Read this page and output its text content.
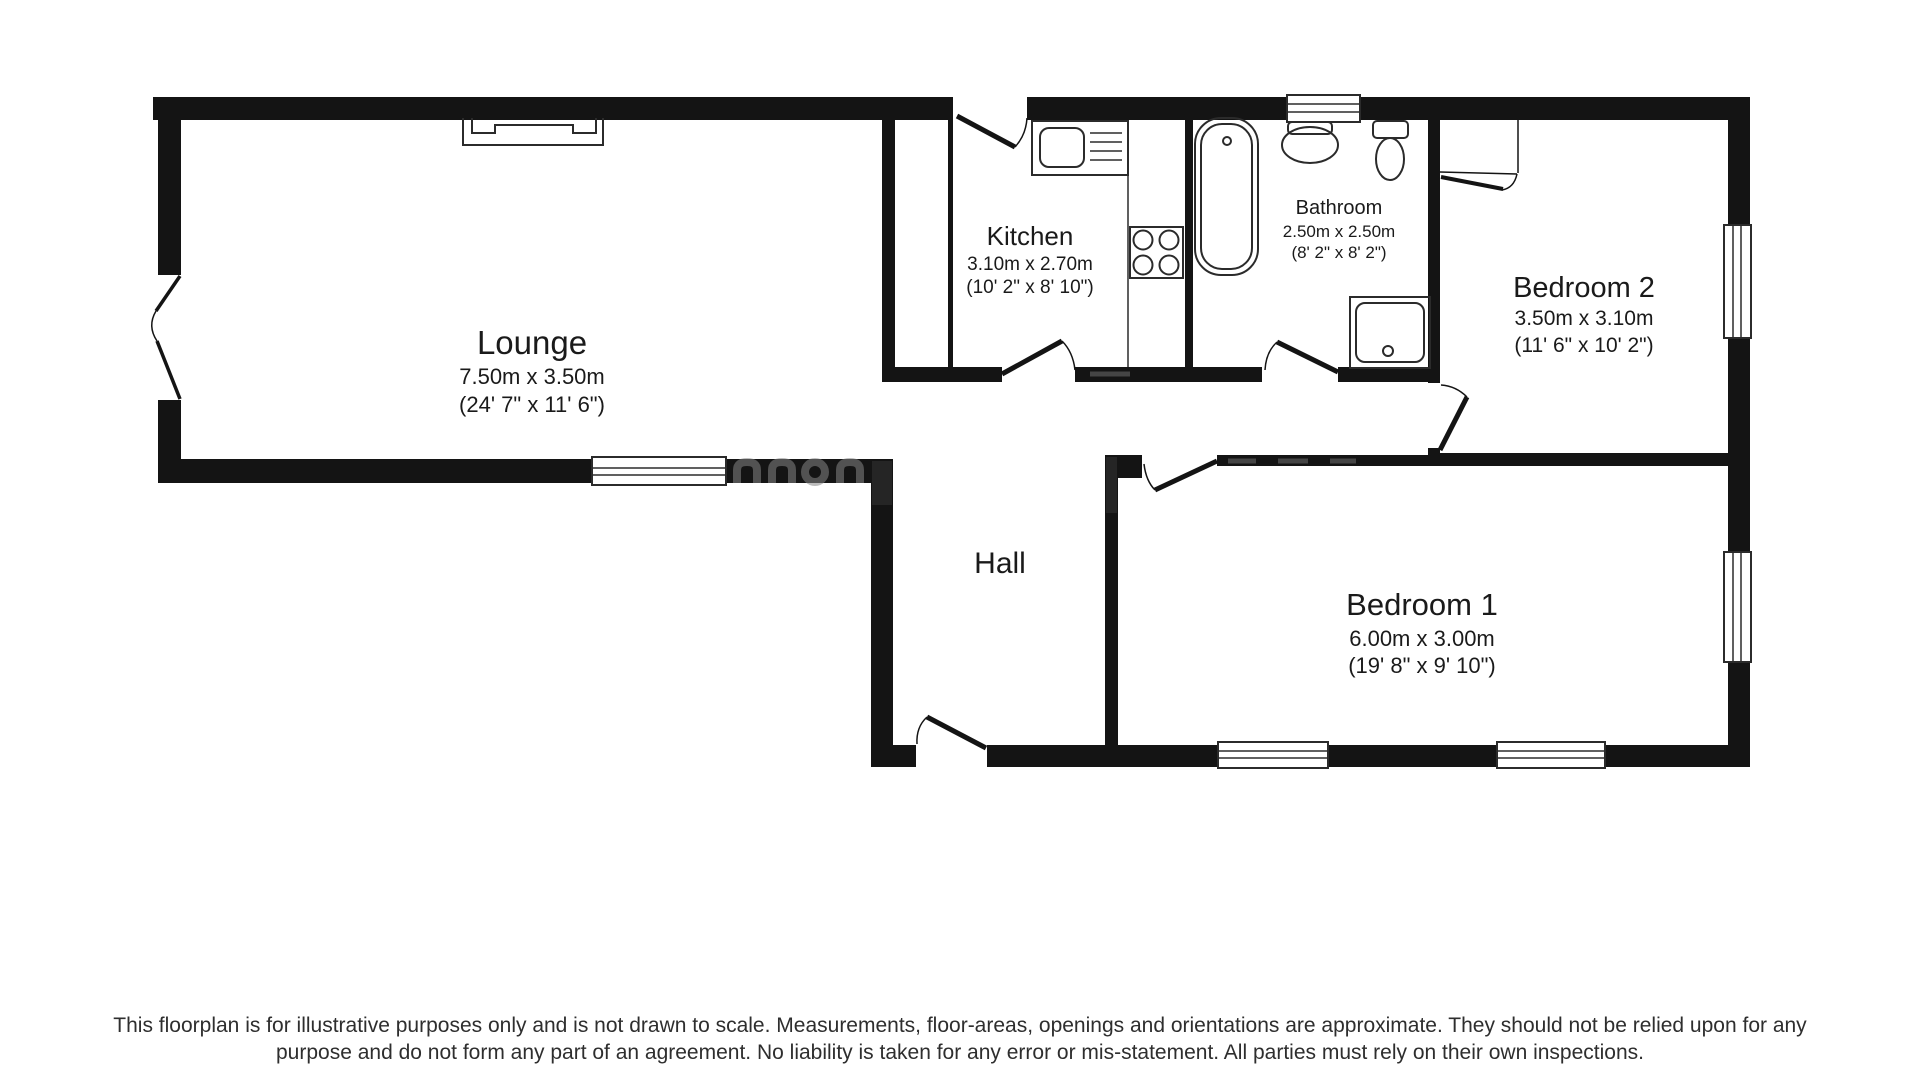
Lounge
7.50m x 3.50m
(24' 7" x 11' 6")
Kitchen
3.10m x 2.70m
(10' 2" x 8' 10")
Bathroom
2.50m x 2.50m
(8' 2" x 8' 2")
Bedroom 2
3.50m x 3.10m
(11' 6" x 10' 2")
Hall
Bedroom 1
6.00m x 3.00m
(19' 8" x 9' 10")
This floorplan is for illustrative purposes only and is not drawn to scale. Measurements, floor-areas, openings and orientations are approximate. They should not be relied upon for any
purpose and do not form any part of an agreement. No liability is taken for any error or mis-statement. All parties must rely on their own inspections.
